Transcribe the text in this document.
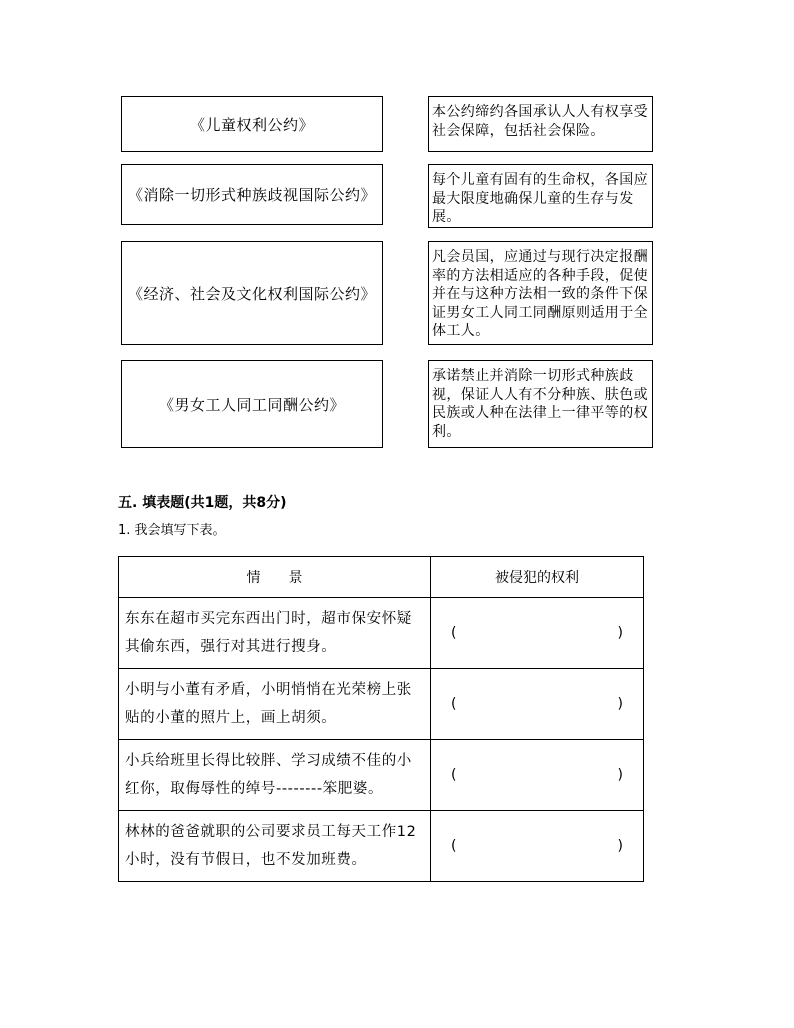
《儿童权利公约》
《消除一切形式种族歧视国际公约》
《经济、社会及文化权利国际公约》
《男女工人同工同酬公约》
本公约缔约各国承认人人有权享受社会保障，包括社会保险。
每个儿童有固有的生命权，各国应最大限度地确保儿童的生存与发展。
凡会员国，应通过与现行决定报酬率的方法相适应的各种手段，促使并在与这种方法相一致的条件下保证男女工人同工同酬原则适用于全体工人。
承诺禁止并消除一切形式种族歧视，保证人人有不分种族、肤色或民族或人种在法律上一律平等的权利。
五. 填表题(共1题，共8分)
1. 我会填写下表。
情景	被侵犯的权利
东东在超市买完东西出门时，超市保安怀疑其偷东西，强行对其进行搜身。	( )

小明与小董有矛盾，小明悄悄在光荣榜上张贴的小董的照片上，画上胡须。	( )

小兵给班里长得比较胖、学习成绩不佳的小红你，取侮辱性的绰号--------笨肥婆。	( )

林林的爸爸就职的公司要求员工每天工作12小时，没有节假日，也不发加班费。	( )
